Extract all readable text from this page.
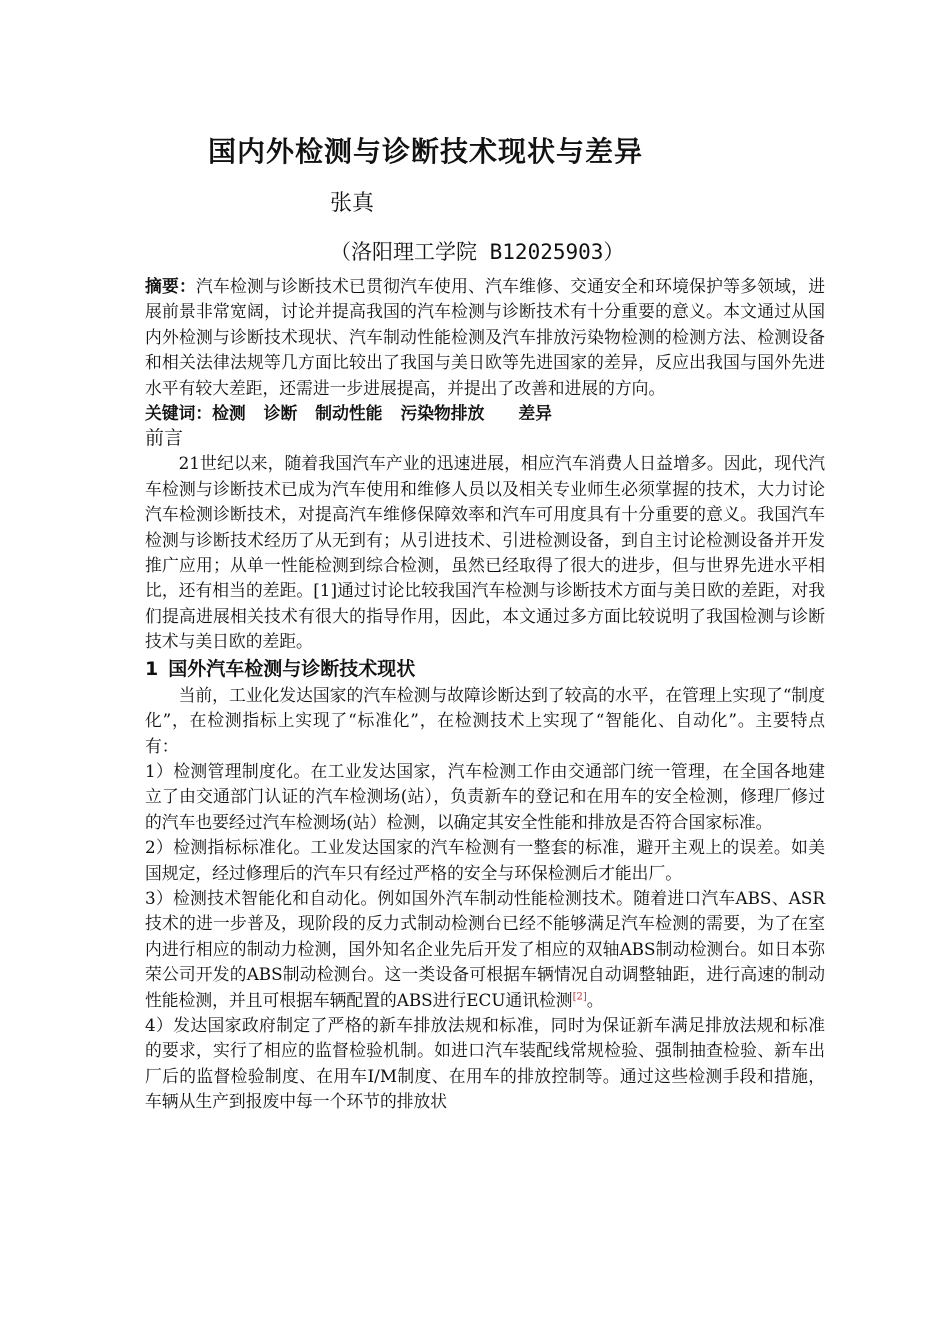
国内外检测与诊断技术现状与差异
张真
（洛阳理工学院 B12025903）

摘要：汽车检测与诊断技术已贯彻汽车使用、汽车维修、交通安全和环境保护等多领域，进展前景非常宽阔，讨论并提高我国的汽车检测与诊断技术有十分重要的意义。本文通过从国内外检测与诊断技术现状、汽车制动性能检测及汽车排放污染物检测的检测方法、检测设备和相关法律法规等几方面比较出了我国与美日欧等先进国家的差异，反应出我国与国外先进水平有较大差距，还需进一步进展提高，并提出了改善和进展的方向。

关键词：检测 诊断 制动性能 污染物排放 差异

前言

21世纪以来，随着我国汽车产业的迅速进展，相应汽车消费人日益增多。因此，现代汽车检测与诊断技术已成为汽车使用和维修人员以及相关专业师生必须掌握的技术，大力讨论汽车检测诊断技术，对提高汽车维修保障效率和汽车可用度具有十分重要的意义。我国汽车检测与诊断技术经历了从无到有；从引进技术、引进检测设备，到自主讨论检测设备并开发推广应用；从单一性能检测到综合检测，虽然已经取得了很大的进步，但与世界先进水平相比，还有相当的差距。[1]通过讨论比较我国汽车检测与诊断技术方面与美日欧的差距，对我们提高进展相关技术有很大的指导作用，因此，本文通过多方面比较说明了我国检测与诊断技术与美日欧的差距。

1 国外汽车检测与诊断技术现状

当前，工业化发达国家的汽车检测与故障诊断达到了较高的水平，在管理上实现了“制度化”，在检测指标上实现了“标准化”，在检测技术上实现了“智能化、自动化”。主要特点有：

1）检测管理制度化。在工业发达国家，汽车检测工作由交通部门统一管理，在全国各地建立了由交通部门认证的汽车检测场(站），负责新车的登记和在用车的安全检测，修理厂修过的汽车也要经过汽车检测场(站）检测，以确定其安全性能和排放是否符合国家标准。

2）检测指标标准化。工业发达国家的汽车检测有一整套的标准，避开主观上的误差。如美国规定，经过修理后的汽车只有经过严格的安全与环保检测后才能出厂。

3）检测技术智能化和自动化。例如国外汽车制动性能检测技术。随着进口汽车ABS、ASR技术的进一步普及，现阶段的反力式制动检测台已经不能够满足汽车检测的需要，为了在室内进行相应的制动力检测，国外知名企业先后开发了相应的双轴ABS制动检测台。如日本弥荣公司开发的ABS制动检测台。这一类设备可根据车辆情况自动调整轴距，进行高速的制动性能检测，并且可根据车辆配置的ABS进行ECU通讯检测[2]。

4）发达国家政府制定了严格的新车排放法规和标准，同时为保证新车满足排放法规和标准的要求，实行了相应的监督检验机制。如进口汽车装配线常规检验、强制抽查检验、新车出厂后的监督检验制度、在用车I/M制度、在用车的排放控制等。通过这些检测手段和措施，车辆从生产到报废中每一个环节的排放状
